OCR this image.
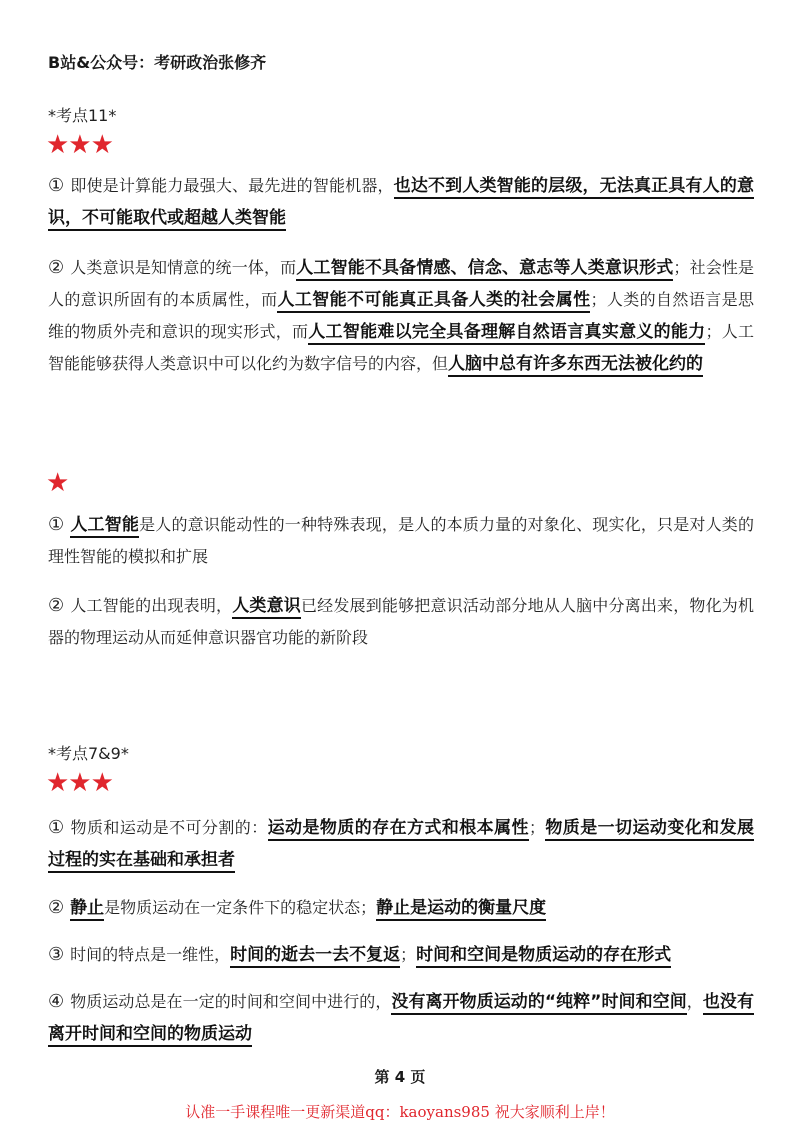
B站&公众号：考研政治张修齐
*考点11*
★★★
① 即使是计算能力最强大、最先进的智能机器，也达不到人类智能的层级，无法真正具有人的意识，不可能取代或超越人类智能
② 人类意识是知情意的统一体，而人工智能不具备情感、信念、意志等人类意识形式；社会性是人的意识所固有的本质属性，而人工智能不可能真正具备人类的社会属性；人类的自然语言是思维的物质外壳和意识的现实形式，而人工智能难以完全具备理解自然语言真实意义的能力；人工智能能够获得人类意识中可以化约为数字信号的内容，但人脑中总有许多东西无法被化约的
★
① 人工智能是人的意识能动性的一种特殊表现，是人的本质力量的对象化、现实化，只是对人类的理性智能的模拟和扩展
② 人工智能的出现表明，人类意识已经发展到能够把意识活动部分地从人脑中分离出来，物化为机器的物理运动从而延伸意识器官功能的新阶段
*考点7&9*
★★★
① 物质和运动是不可分割的：运动是物质的存在方式和根本属性；物质是一切运动变化和发展过程的实在基础和承担者
② 静止是物质运动在一定条件下的稳定状态；静止是运动的衡量尺度
③ 时间的特点是一维性，时间的逝去一去不复返；时间和空间是物质运动的存在形式
④ 物质运动总是在一定的时间和空间中进行的，没有离开物质运动的“纯粹”时间和空间，也没有离开时间和空间的物质运动
第 4 页
认准一手课程唯一更新渠道qq：kaoyans985 祝大家顺利上岸！
